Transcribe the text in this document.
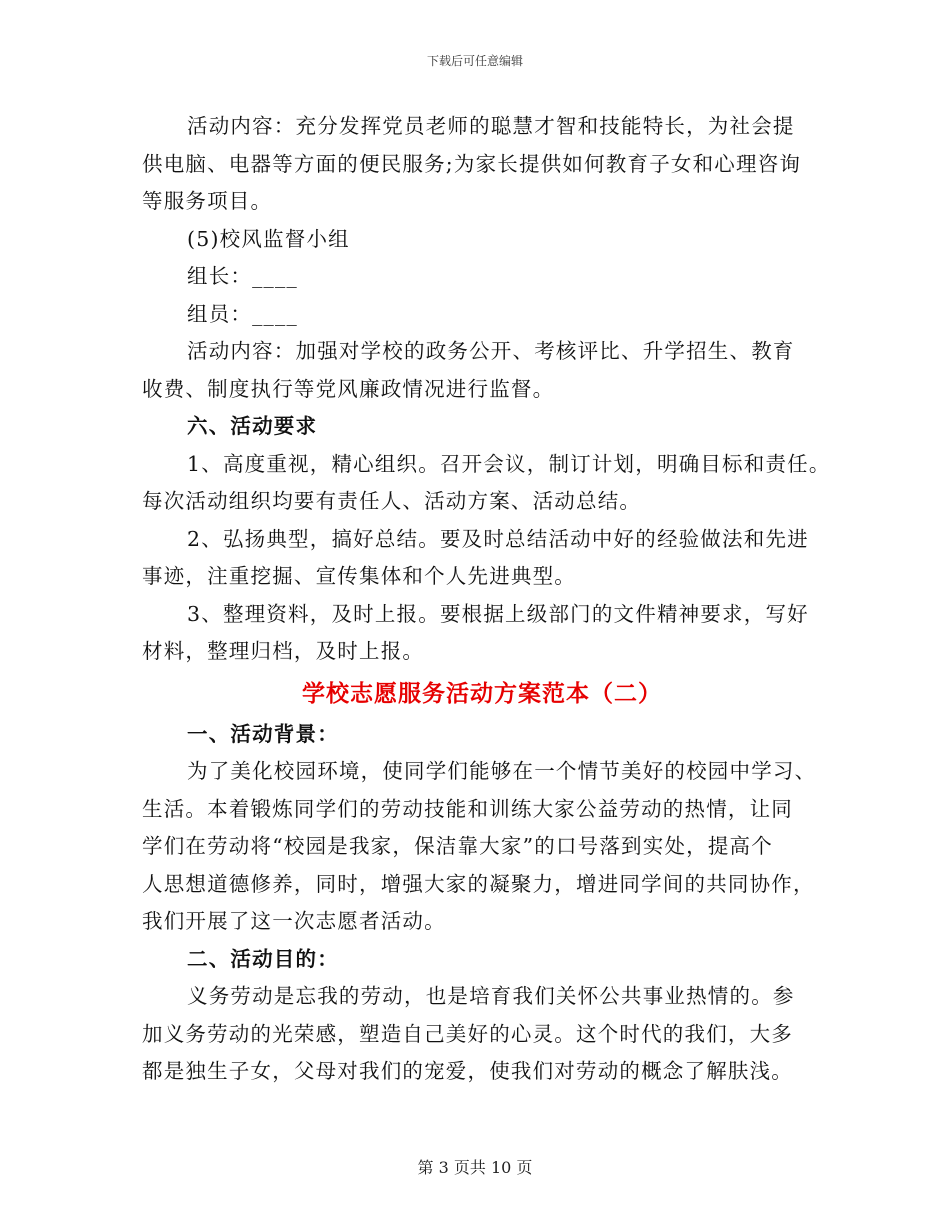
下载后可任意编辑
活动内容：充分发挥党员老师的聪慧才智和技能特长，为社会提
供电脑、电器等方面的便民服务;为家长提供如何教育子女和心理咨询
等服务项目。
(5)校风监督小组
组长：____
组员：____
活动内容：加强对学校的政务公开、考核评比、升学招生、教育
收费、制度执行等党风廉政情况进行监督。
六、活动要求
1、高度重视，精心组织。召开会议，制订计划，明确目标和责任。
每次活动组织均要有责任人、活动方案、活动总结。
2、弘扬典型，搞好总结。要及时总结活动中好的经验做法和先进
事迹，注重挖掘、宣传集体和个人先进典型。
3、整理资料，及时上报。要根据上级部门的文件精神要求，写好
材料，整理归档，及时上报。
学校志愿服务活动方案范本（二）
一、活动背景：
为了美化校园环境，使同学们能够在一个情节美好的校园中学习、
生活。本着锻炼同学们的劳动技能和训练大家公益劳动的热情，让同
学们在劳动将“校园是我家，保洁靠大家”的口号落到实处，提高个
人思想道德修养，同时，增强大家的凝聚力，增进同学间的共同协作，
我们开展了这一次志愿者活动。
二、活动目的：
义务劳动是忘我的劳动，也是培育我们关怀公共事业热情的。参
加义务劳动的光荣感，塑造自己美好的心灵。这个时代的我们，大多
都是独生子女，父母对我们的宠爱，使我们对劳动的概念了解肤浅。
第 3 页共 10 页
